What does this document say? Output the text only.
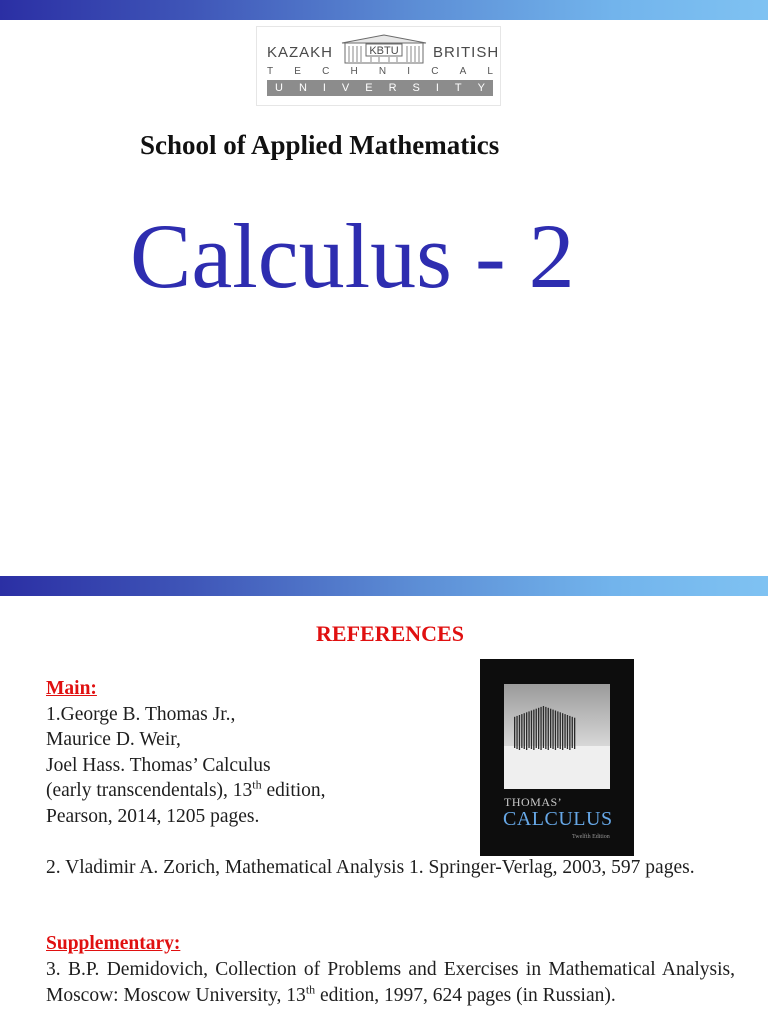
KAZAKH	KBTU BRITISH
T E C H N I C A L
U N I V E R S I T Y
School of Applied Mathematics
Calculus - 2
REFERENCES
THOMAS’
CALCULUS
Twelfth Edition
Main:
1.George B. Thomas Jr.,
Maurice D. Weir,
Joel Hass. Thomas’ Calculus
(early transcendentals), 13th edition,
Pearson, 2014, 1205 pages.
2. Vladimir A. Zorich, Mathematical Analysis 1. Springer-Verlag, 2003, 597 pages.
Supplementary:
3. B.P. Demidovich, Collection of Problems and Exercises in Mathematical Analysis, Moscow: Moscow University, 13th edition, 1997, 624 pages (in Russian).
